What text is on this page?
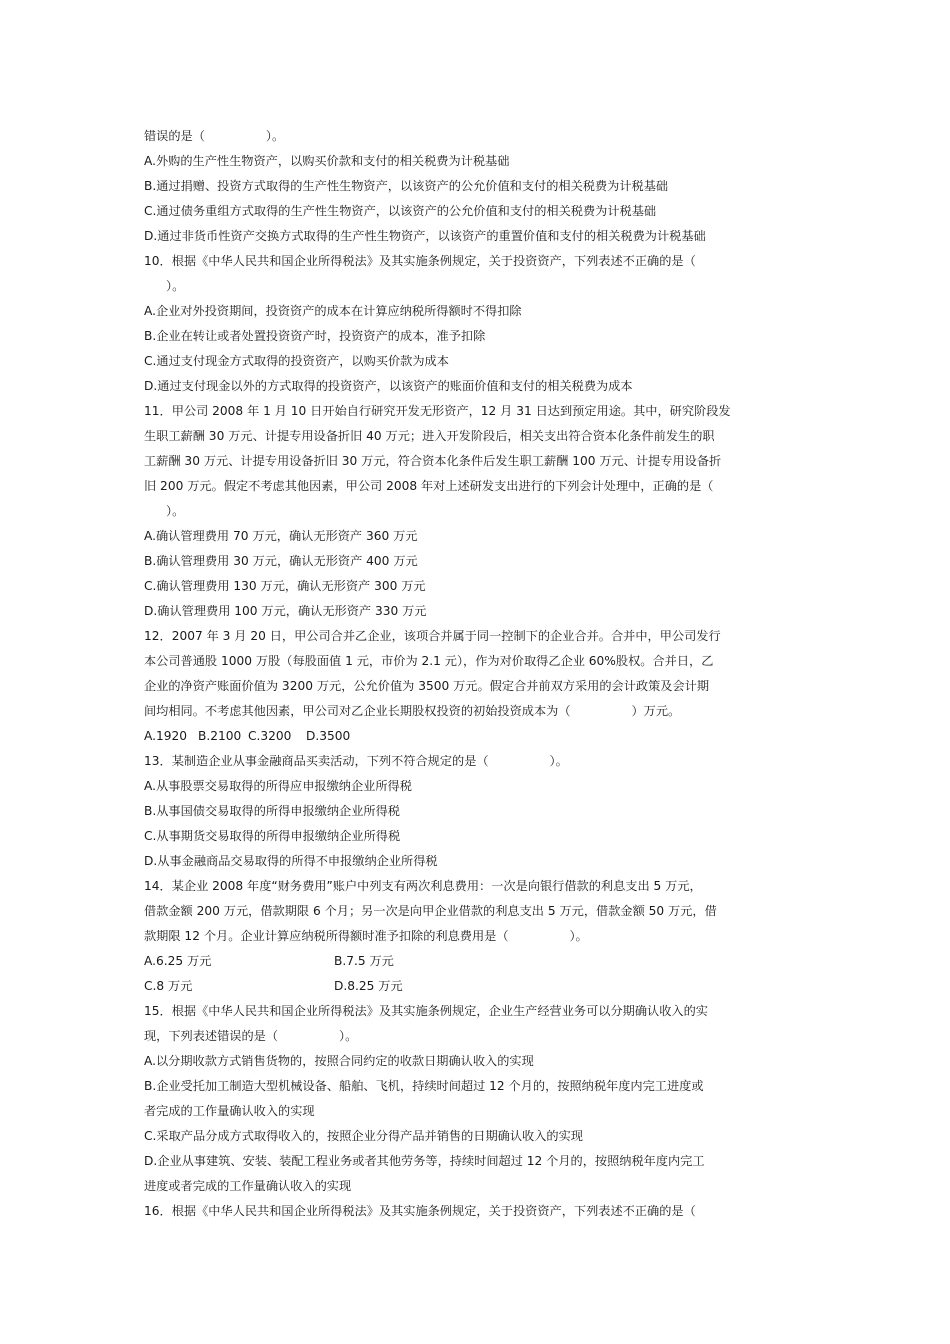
错误的是（　　　　　）。
A.外购的生产性生物资产，以购买价款和支付的相关税费为计税基础
B.通过捐赠、投资方式取得的生产性生物资产，以该资产的公允价值和支付的相关税费为计税基础
C.通过债务重组方式取得的生产性生物资产，以该资产的公允价值和支付的相关税费为计税基础
D.通过非货币性资产交换方式取得的生产性生物资产，以该资产的重置价值和支付的相关税费为计税基础
10．根据《中华人民共和国企业所得税法》及其实施条例规定，关于投资资产，下列表述不正确的是（
）。
A.企业对外投资期间，投资资产的成本在计算应纳税所得额时不得扣除
B.企业在转让或者处置投资资产时，投资资产的成本，准予扣除
C.通过支付现金方式取得的投资资产，以购买价款为成本
D.通过支付现金以外的方式取得的投资资产，以该资产的账面价值和支付的相关税费为成本
11．甲公司 2008 年 1 月 10 日开始自行研究开发无形资产，12 月 31 日达到预定用途。其中，研究阶段发
生职工薪酬 30 万元、计提专用设备折旧 40 万元；进入开发阶段后，相关支出符合资本化条件前发生的职
工薪酬 30 万元、计提专用设备折旧 30 万元，符合资本化条件后发生职工薪酬 100 万元、计提专用设备折
旧 200 万元。假定不考虑其他因素，甲公司 2008 年对上述研发支出进行的下列会计处理中，正确的是（
）。
A.确认管理费用 70 万元，确认无形资产 360 万元
B.确认管理费用 30 万元，确认无形资产 400 万元
C.确认管理费用 130 万元，确认无形资产 300 万元
D.确认管理费用 100 万元，确认无形资产 330 万元
12．2007 年 3 月 20 日，甲公司合并乙企业，该项合并属于同一控制下的企业合并。合并中，甲公司发行
本公司普通股 1000 万股（每股面值 1 元，市价为 2.1 元），作为对价取得乙企业 60%股权。合并日，乙
企业的净资产账面价值为 3200 万元，公允价值为 3500 万元。假定合并前双方采用的会计政策及会计期
间均相同。不考虑其他因素，甲公司对乙企业长期股权投资的初始投资成本为（　　　　　）万元。
A.1920 B.2100 C.3200 D.3500
13．某制造企业从事金融商品买卖活动，下列不符合规定的是（　　　　　）。
A.从事股票交易取得的所得应申报缴纳企业所得税
B.从事国债交易取得的所得申报缴纳企业所得税
C.从事期货交易取得的所得申报缴纳企业所得税
D.从事金融商品交易取得的所得不申报缴纳企业所得税
14．某企业 2008 年度“财务费用”账户中列支有两次利息费用：一次是向银行借款的利息支出 5 万元，
借款金额 200 万元，借款期限 6 个月；另一次是向甲企业借款的利息支出 5 万元，借款金额 50 万元，借
款期限 12 个月。企业计算应纳税所得额时准予扣除的利息费用是（　　　　　）。
A.6.25 万元	B.7.5 万元
C.8 万元	D.8.25 万元
15．根据《中华人民共和国企业所得税法》及其实施条例规定，企业生产经营业务可以分期确认收入的实
现，下列表述错误的是（　　　　　）。
A.以分期收款方式销售货物的，按照合同约定的收款日期确认收入的实现
B.企业受托加工制造大型机械设备、船舶、飞机，持续时间超过 12 个月的，按照纳税年度内完工进度或
者完成的工作量确认收入的实现
C.采取产品分成方式取得收入的，按照企业分得产品并销售的日期确认收入的实现
D.企业从事建筑、安装、装配工程业务或者其他劳务等，持续时间超过 12 个月的，按照纳税年度内完工
进度或者完成的工作量确认收入的实现
16．根据《中华人民共和国企业所得税法》及其实施条例规定，关于投资资产，下列表述不正确的是（
